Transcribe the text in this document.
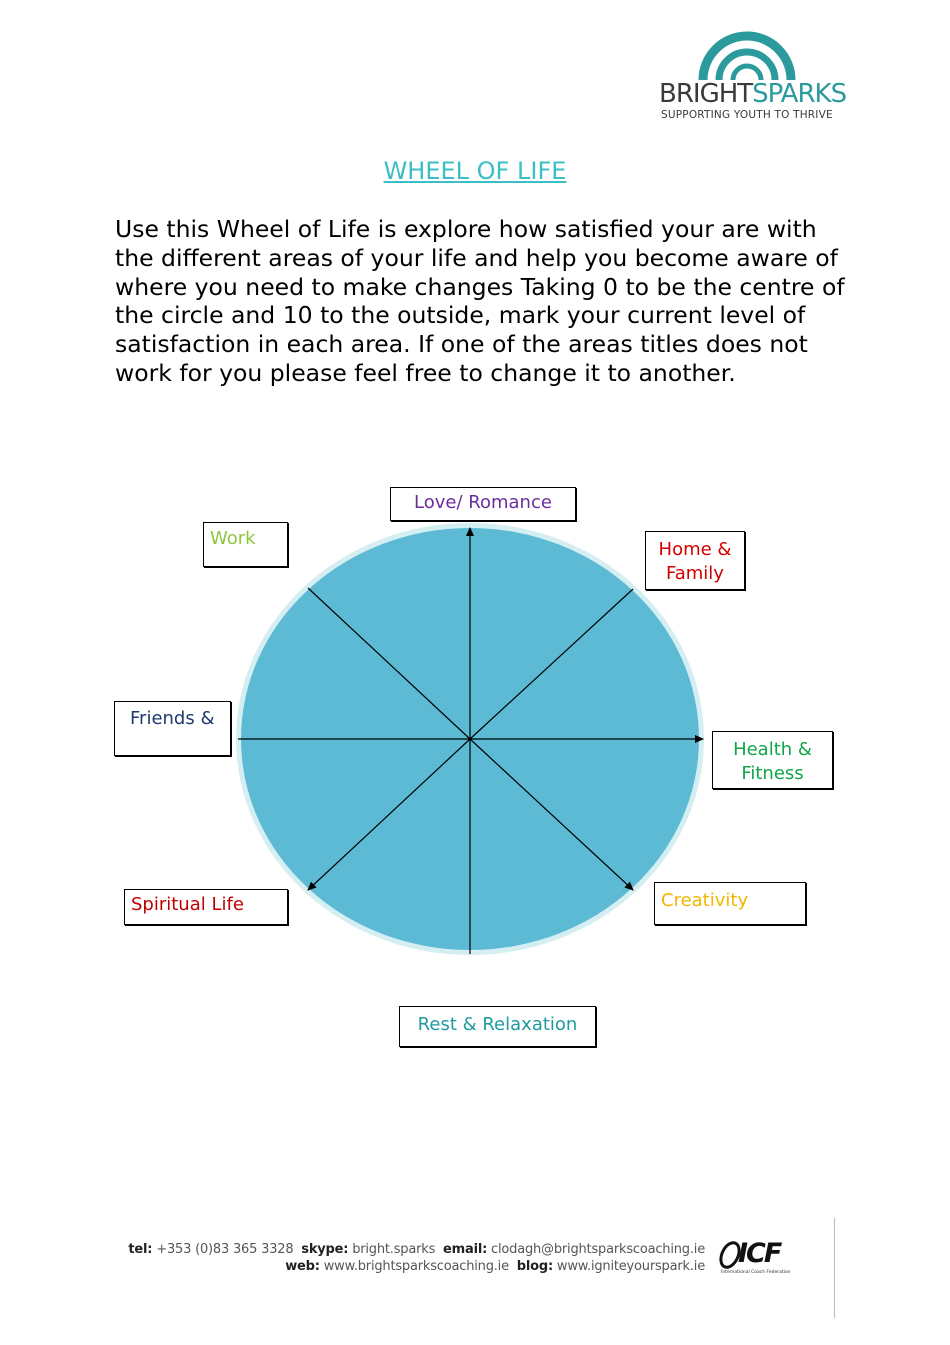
BRIGHTSPARKS
SUPPORTING YOUTH TO THRIVE
WHEEL OF LIFE

Use this Wheel of Life is explore how satisfied your are with the different areas of your life and help you become aware of where you need to make changes Taking 0 to be the centre of the circle and 10 to the outside, mark your current level of satisfaction in each area. If one of the areas titles does not work for you please feel free to change it to another.

Love/ Romance
Work
Home & Family
Friends &
Health & Fitness
Spiritual Life	Creativity
Rest & Relaxation
tel: +353 (0)83 365 3328 skype: bright.sparks email: clodagh@brightsparkscoaching.ie
web: www.brightsparkscoaching.ie blog: www.igniteyourspark.ie ICF
International Coach Federation
